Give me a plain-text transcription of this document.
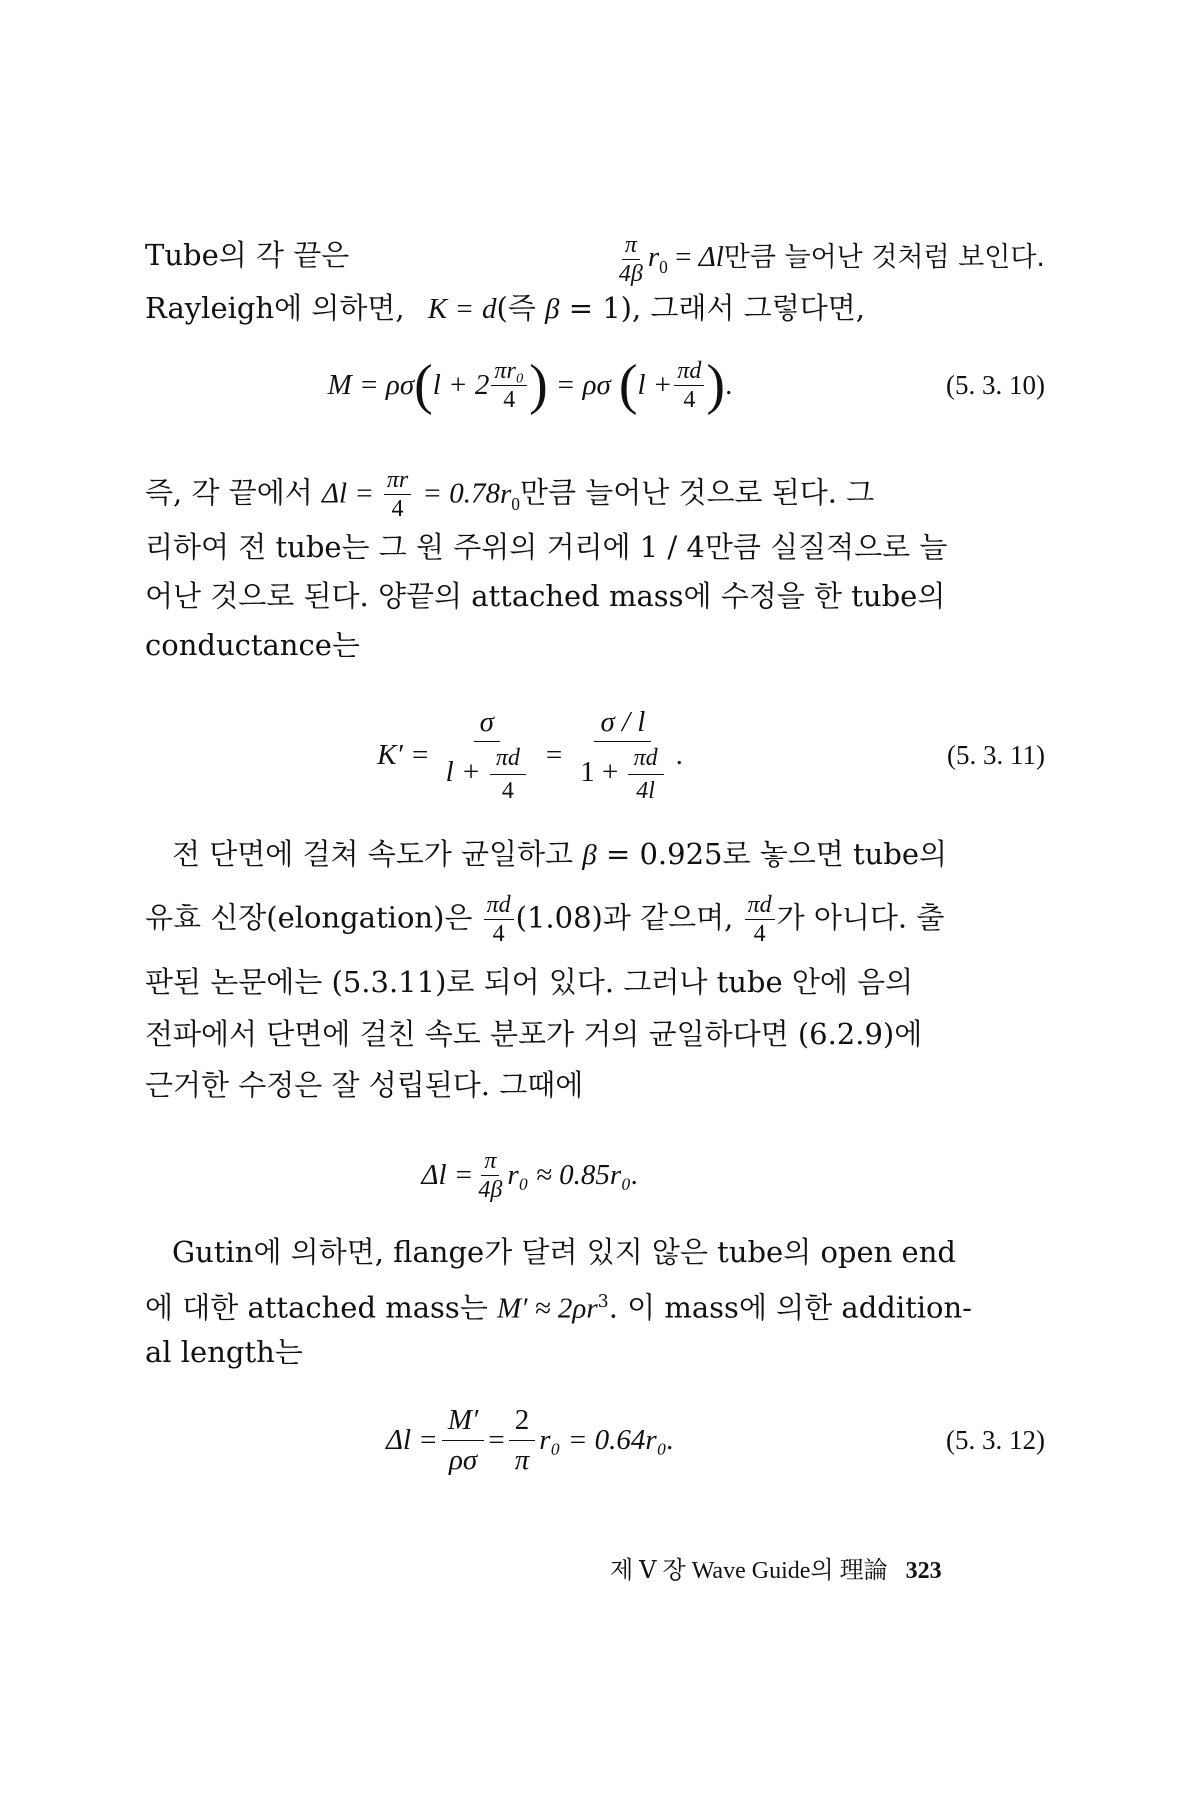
Tube의 각 끝은	$\frac{\pi}{4\beta} r_0 = \Delta l$만큼 늘어난 것처럼 보인다.
Rayleigh에 의하면, K = d(즉 β = 1), 그래서 그렇다면,
M = ρσ ( $l + 2 \frac{\text{πr₀}}{4}$ ) = ρσ ( $l + \frac{\pi d}{4}$ ) .	(5. 3. 10)
즉, 각 끝에서 $\Delta l = \frac{\pi r}{4} = 0.78r_0$만큼 늘어난 것으로 된다. 그
리하여 전 tube는 그 원 주위의 거리에 1 / 4만큼 실질적으로 늘
어난 것으로 된다. 양끝의 attached mass에 수정을 한 tube의
conductance는
$K' = \frac{\sigma}{l + \frac{\pi d}{4}} = \frac{\sigma / l}{1 + \frac{\pi d}{4l}}$ .	(5. 3. 11)
전 단면에 걸쳐 속도가 균일하고 β = 0.925로 놓으면 tube의
유효 신장(elongation)은 $\frac{\pi d}{4} (1.08)$과 같으며, $\frac{\pi d}{4}$ 가 아니다. 출
판된 논문에는 (5.3.11)로 되어 있다. 그러나 tube 안에 음의
전파에서 단면에 걸친 속도 분포가 거의 균일하다면 (6.2.9)에
근거한 수정은 잘 성립된다. 그때에
$\Delta l = \frac{\pi}{4\beta} r_0 \approx 0.85r_0$.
Gutin에 의하면, flange가 달려 있지 않은 tube의 open end
에 대한 attached mass는 $M' \approx 2\rho r^3$. 이 mass에 의한 addition-
al length는
$\Delta l = \frac{M'}{\rho\sigma} = \frac{2}{\pi} r_0 = 0.64r_0$.	(5. 3. 12)
제 Ⅴ 장 Wave Guide의 理論 323
